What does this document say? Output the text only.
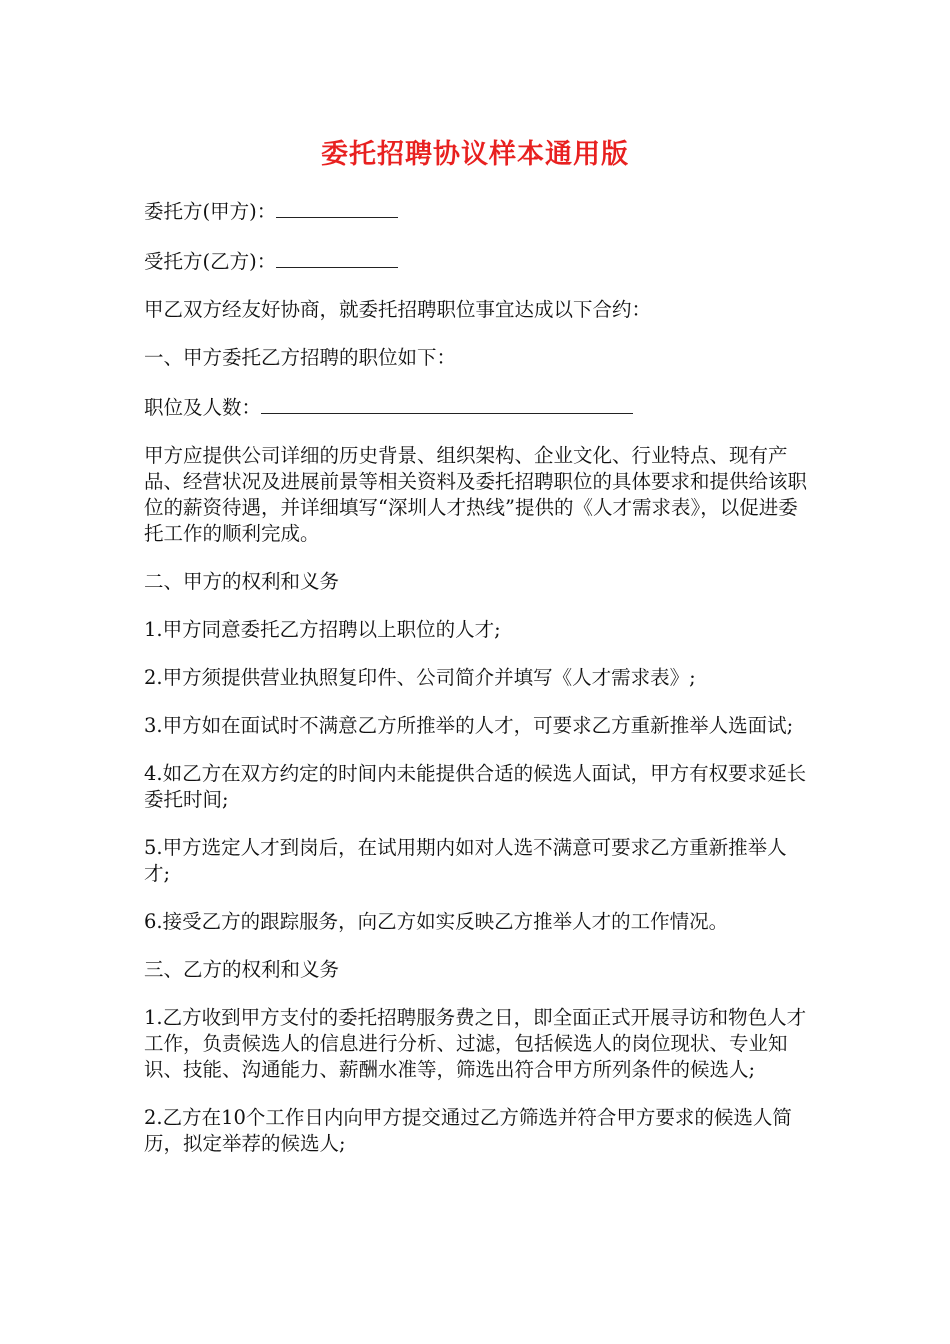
委托招聘协议样本通用版

委托方(甲方)：

受托方(乙方)：

甲乙双方经友好协商，就委托招聘职位事宜达成以下合约：

一、甲方委托乙方招聘的职位如下：

职位及人数：

甲方应提供公司详细的历史背景、组织架构、企业文化、行业特点、现有产品、经营状况及进展前景等相关资料及委托招聘职位的具体要求和提供给该职位的薪资待遇，并详细填写“深圳人才热线”提供的《人才需求表》，以促进委托工作的顺利完成。

二、甲方的权利和义务

1.甲方同意委托乙方招聘以上职位的人才;

2.甲方须提供营业执照复印件、公司简介并填写《人才需求表》;

3.甲方如在面试时不满意乙方所推举的人才，可要求乙方重新推举人选面试;

4.如乙方在双方约定的时间内未能提供合适的候选人面试，甲方有权要求延长委托时间;

5.甲方选定人才到岗后，在试用期内如对人选不满意可要求乙方重新推举人才;

6.接受乙方的跟踪服务，向乙方如实反映乙方推举人才的工作情况。

三、乙方的权利和义务

1.乙方收到甲方支付的委托招聘服务费之日，即全面正式开展寻访和物色人才工作，负责候选人的信息进行分析、过滤，包括候选人的岗位现状、专业知识、技能、沟通能力、薪酬水准等，筛选出符合甲方所列条件的候选人;

2.乙方在10个工作日内向甲方提交通过乙方筛选并符合甲方要求的候选人简历，拟定举荐的候选人;
